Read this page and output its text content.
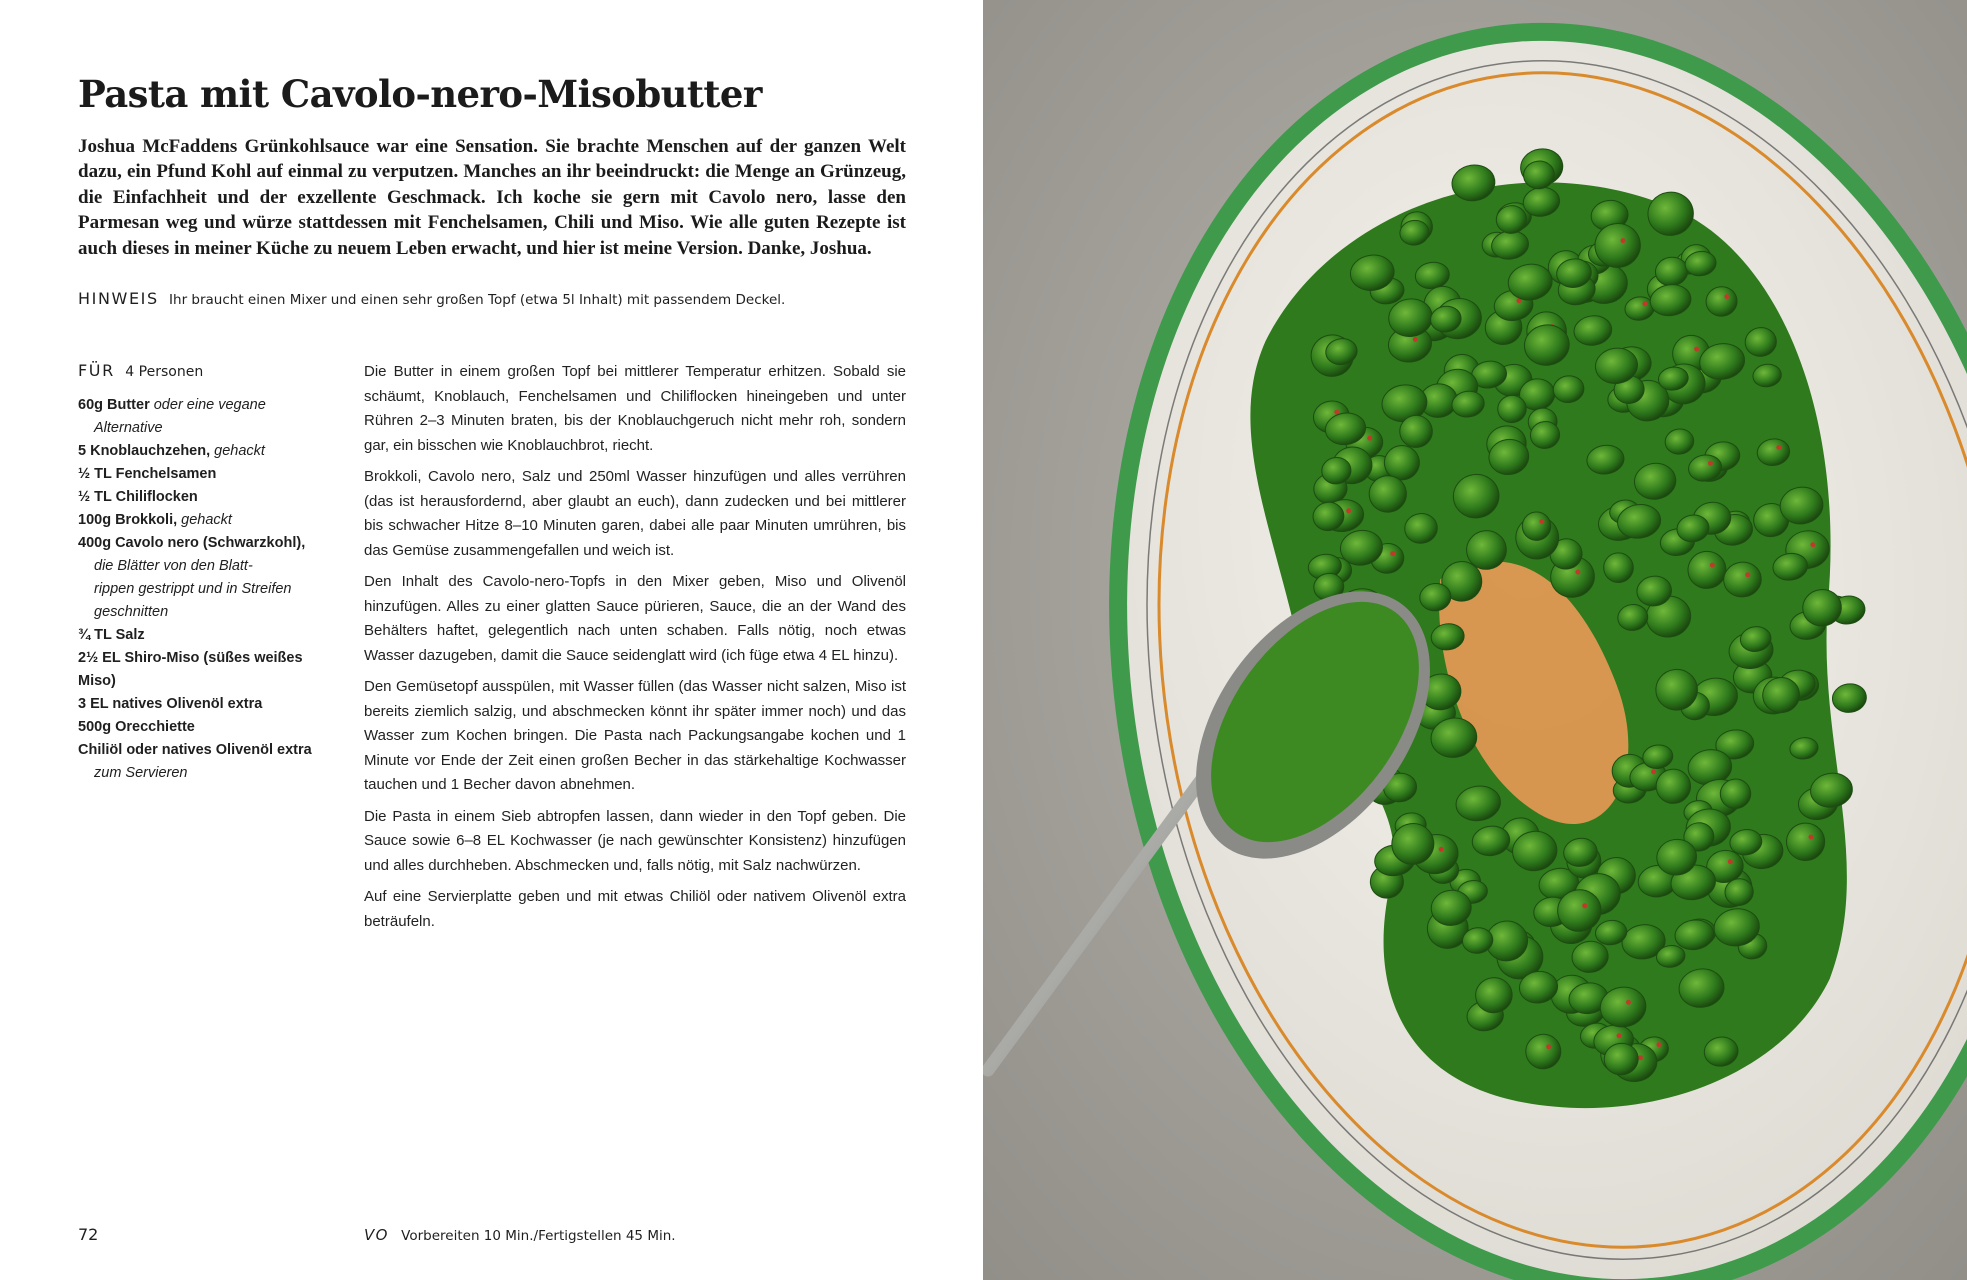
Pasta mit Cavolo-nero-Misobutter

Joshua McFaddens Grünkohlsauce war eine Sensation. Sie brachte Menschen auf der ganzen Welt dazu, ein Pfund Kohl auf einmal zu verputzen. Manches an ihr beeindruckt: die Menge an Grünzeug, die Einfachheit und der exzellente Geschmack. Ich koche sie gern mit Cavolo nero, lasse den Parmesan weg und würze stattdessen mit Fenchelsamen, Chili und Miso. Wie alle guten Rezepte ist auch dieses in meiner Küche zu neuem Leben erwacht, und hier ist meine Version. Danke, Joshua.

HINWEIS Ihr braucht einen Mixer und einen sehr großen Topf (etwa 5l Inhalt) mit passendem Deckel.
FÜR 4 Personen
60g Butter oder eine vegane
Alternative
5 Knoblauchzehen, gehackt
½ TL Fenchelsamen
½ TL Chiliflocken
100g Brokkoli, gehackt
400g Cavolo nero (Schwarzkohl),
die Blätter von den Blatt-
rippen gestrippt und in Streifen
geschnitten
¾ TL Salz
2½ EL Shiro-Miso (süßes weißes
Miso)
3 EL natives Olivenöl extra
500g Orecchiette
Chiliöl oder natives Olivenöl extra
zum Servieren

Die Butter in einem großen Topf bei mittlerer Temperatur erhitzen. Sobald sie schäumt, Knoblauch, Fenchelsamen und Chiliflocken hineingeben und unter Rühren 2–3 Minuten braten, bis der Knoblauchgeruch nicht mehr roh, sondern gar, ein bisschen wie Knoblauchbrot, riecht.

Brokkoli, Cavolo nero, Salz und 250ml Wasser hinzufügen und alles verrühren (das ist herausfordernd, aber glaubt an euch), dann zudecken und bei mittlerer bis schwacher Hitze 8–10 Minuten garen, dabei alle paar Minuten umrühren, bis das Gemüse zusammengefallen und weich ist.

Den Inhalt des Cavolo-nero-Topfs in den Mixer geben, Miso und Olivenöl hinzufügen. Alles zu einer glatten Sauce pürieren, Sauce, die an der Wand des Behälters haftet, gelegentlich nach unten schaben. Falls nötig, noch etwas Wasser dazugeben, damit die Sauce seidenglatt wird (ich füge etwa 4 EL hinzu).

Den Gemüsetopf ausspülen, mit Wasser füllen (das Wasser nicht salzen, Miso ist bereits ziemlich salzig, und abschmecken könnt ihr später immer noch) und das Wasser zum Kochen bringen. Die Pasta nach Packungsangabe kochen und 1 Minute vor Ende der Zeit einen großen Becher in das stärkehaltige Kochwasser tauchen und 1 Becher davon abnehmen.

Die Pasta in einem Sieb abtropfen lassen, dann wieder in den Topf geben. Die Sauce sowie 6–8 EL Kochwasser (je nach gewünschter Konsistenz) hinzufügen und alles durchheben. Abschmecken und, falls nötig, mit Salz nachwürzen.

Auf eine Servierplatte geben und mit etwas Chiliöl oder nativem Olivenöl extra beträufeln.

72	VO Vorbereiten 10 Min./Fertigstellen 45 Min.
